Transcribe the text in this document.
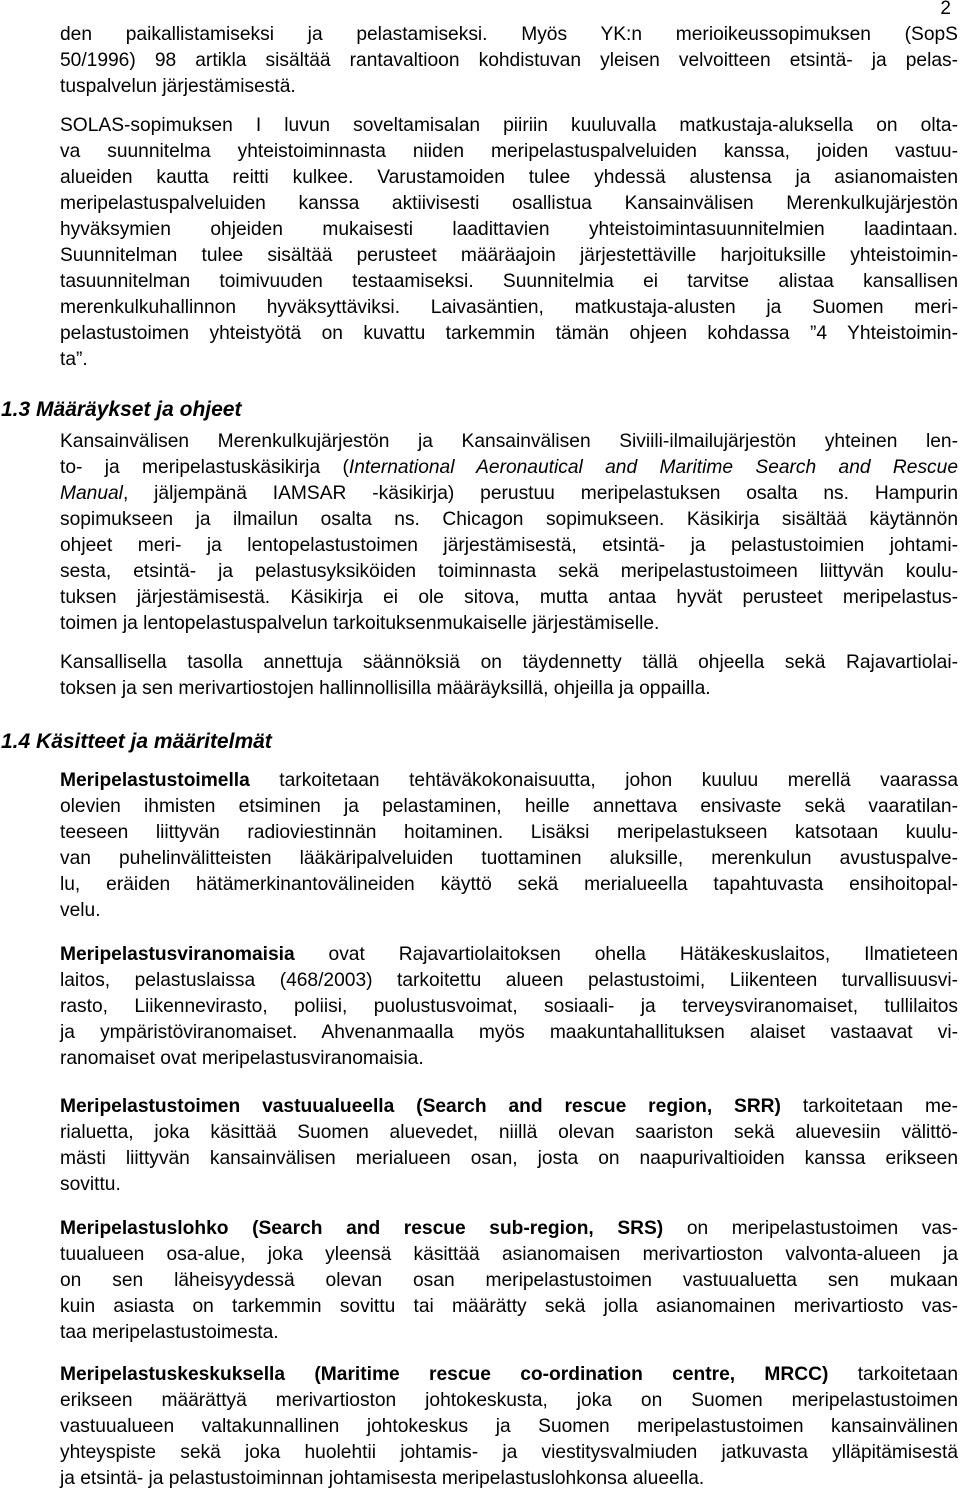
2
den paikallistamiseksi ja pelastamiseksi. Myös YK:n merioikeussopimuksen (SopS
50/1996) 98 artikla sisältää rantavaltioon kohdistuvan yleisen velvoitteen etsintä- ja pelas-
tuspalvelun järjestämisestä.
SOLAS-sopimuksen I luvun soveltamisalan piiriin kuuluvalla matkustaja-aluksella on olta-
va suunnitelma yhteistoiminnasta niiden meripelastuspalveluiden kanssa, joiden vastuu-
alueiden kautta reitti kulkee. Varustamoiden tulee yhdessä alustensa ja asianomaisten
meripelastuspalveluiden kanssa aktiivisesti osallistua Kansainvälisen Merenkulkujärjestön
hyväksymien ohjeiden mukaisesti laadittavien yhteistoimintasuunnitelmien laadintaan.
Suunnitelman tulee sisältää perusteet määräajoin järjestettäville harjoituksille yhteistoimin-
tasuunnitelman toimivuuden testaamiseksi. Suunnitelmia ei tarvitse alistaa kansallisen
merenkulkuhallinnon hyväksyttäviksi. Laivasäntien, matkustaja-alusten ja Suomen meri-
pelastustoimen yhteistyötä on kuvattu tarkemmin tämän ohjeen kohdassa ”4 Yhteistoimin-
ta”.
1.3 Määräykset ja ohjeet
Kansainvälisen Merenkulkujärjestön ja Kansainvälisen Siviili-ilmailujärjestön yhteinen len-
to- ja meripelastuskäsikirja (International Aeronautical and Maritime Search and Rescue
Manual, jäljempänä IAMSAR -käsikirja) perustuu meripelastuksen osalta ns. Hampurin
sopimukseen ja ilmailun osalta ns. Chicagon sopimukseen. Käsikirja sisältää käytännön
ohjeet meri- ja lentopelastustoimen järjestämisestä, etsintä- ja pelastustoimien johtami-
sesta, etsintä- ja pelastusyksiköiden toiminnasta sekä meripelastustoimeen liittyvän koulu-
tuksen järjestämisestä. Käsikirja ei ole sitova, mutta antaa hyvät perusteet meripelastus-
toimen ja lentopelastuspalvelun tarkoituksenmukaiselle järjestämiselle.
Kansallisella tasolla annettuja säännöksiä on täydennetty tällä ohjeella sekä Rajavartiolai-
toksen ja sen merivartiostojen hallinnollisilla määräyksillä, ohjeilla ja oppailla.
1.4 Käsitteet ja määritelmät
Meripelastustoimella tarkoitetaan tehtäväkokonaisuutta, johon kuuluu merellä vaarassa
olevien ihmisten etsiminen ja pelastaminen, heille annettava ensivaste sekä vaaratilan-
teeseen liittyvän radioviestinnän hoitaminen. Lisäksi meripelastukseen katsotaan kuulu-
van puhelinvälitteisten lääkäripalveluiden tuottaminen aluksille, merenkulun avustuspalve-
lu, eräiden hätämerkinantovälineiden käyttö sekä merialueella tapahtuvasta ensihoitopal-
velu.
Meripelastusviranomaisia ovat Rajavartiolaitoksen ohella Hätäkeskuslaitos, Ilmatieteen
laitos, pelastuslaissa (468/2003) tarkoitettu alueen pelastustoimi, Liikenteen turvallisuusvi-
rasto, Liikennevirasto, poliisi, puolustusvoimat, sosiaali- ja terveysviranomaiset, tullilaitos
ja ympäristöviranomaiset. Ahvenanmaalla myös maakuntahallituksen alaiset vastaavat vi-
ranomaiset ovat meripelastusviranomaisia.
Meripelastustoimen vastuualueella (Search and rescue region, SRR) tarkoitetaan me-
rialuetta, joka käsittää Suomen aluevedet, niillä olevan saariston sekä aluevesiin välittö-
mästi liittyvän kansainvälisen merialueen osan, josta on naapurivaltioiden kanssa erikseen
sovittu.
Meripelastuslohko (Search and rescue sub-region, SRS) on meripelastustoimen vas-
tuualueen osa-alue, joka yleensä käsittää asianomaisen merivartioston valvonta-alueen ja
on sen läheisyydessä olevan osan meripelastustoimen vastuualuetta sen mukaan
kuin asiasta on tarkemmin sovittu tai määrätty sekä jolla asianomainen merivartiosto vas-
taa meripelastustoimesta.
Meripelastuskeskuksella (Maritime rescue co-ordination centre, MRCC) tarkoitetaan
erikseen määrättyä merivartioston johtokeskusta, joka on Suomen meripelastustoimen
vastuualueen valtakunnallinen johtokeskus ja Suomen meripelastustoimen kansainvälinen
yhteyspiste sekä joka huolehtii johtamis- ja viestitysvalmiuden jatkuvasta ylläpitämisestä
ja etsintä- ja pelastustoiminnan johtamisesta meripelastuslohkonsa alueella.
